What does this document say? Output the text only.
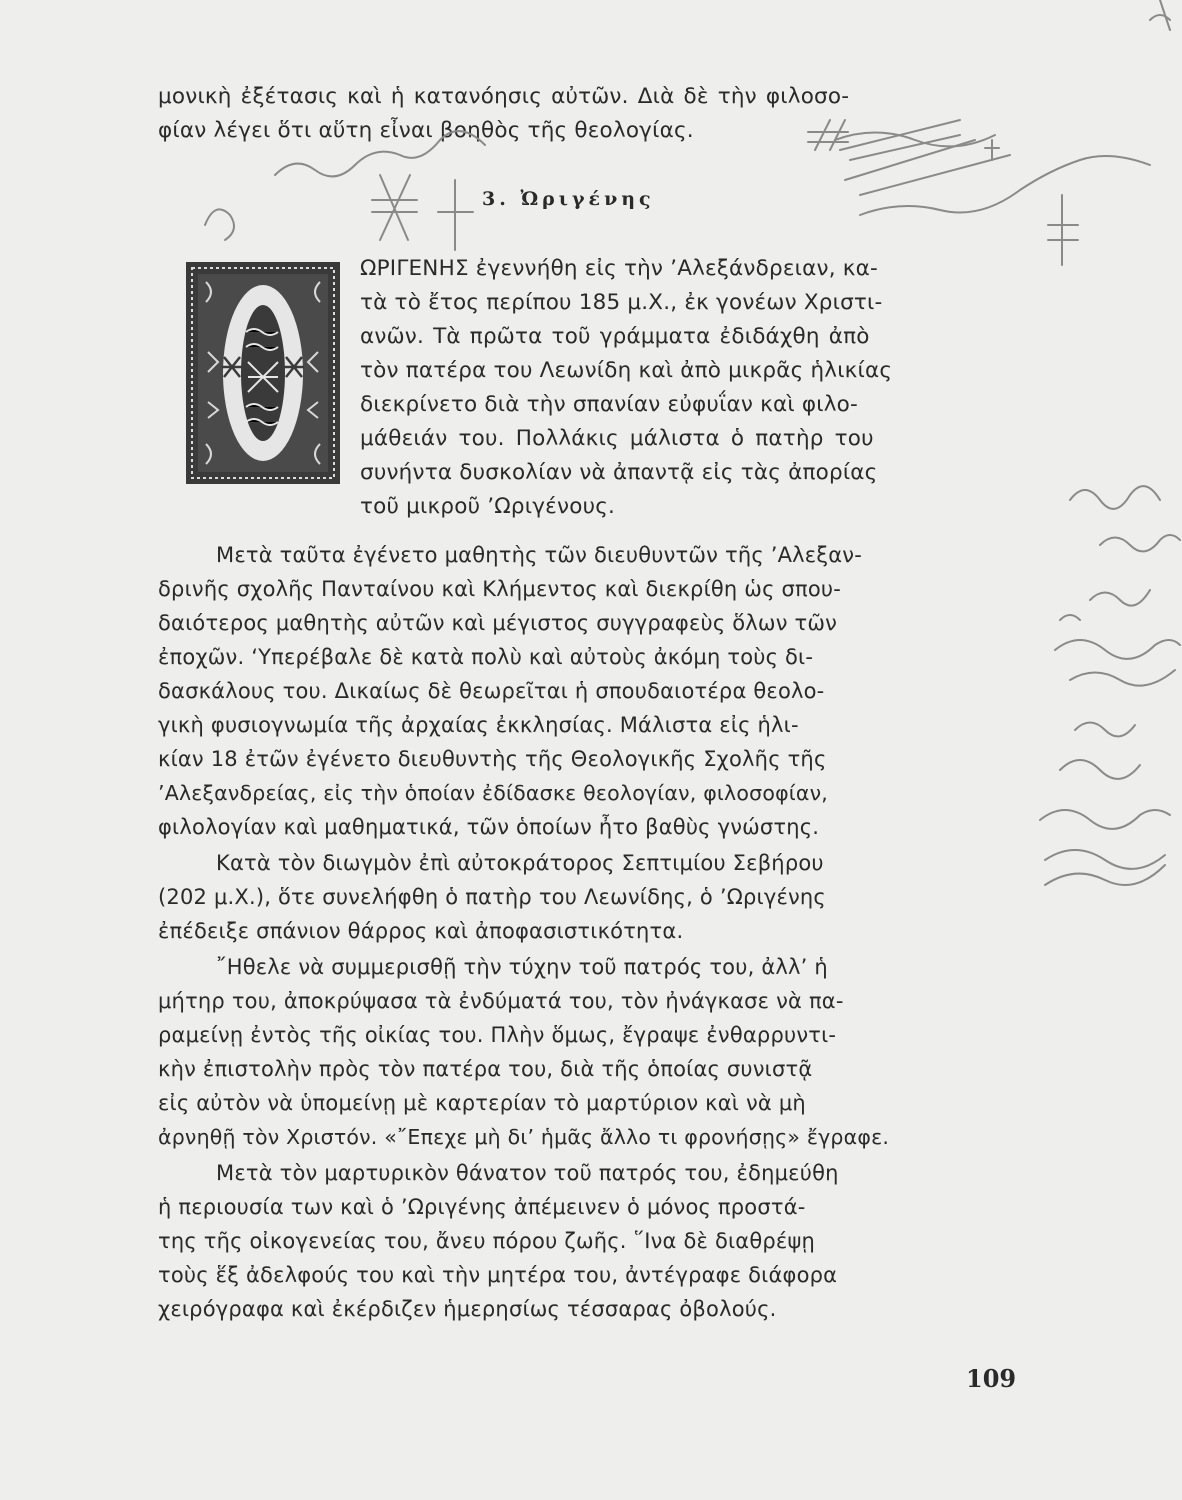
μονικὴ ἐξέτασις καὶ ἡ κατανόησις αὐτῶν. Διὰ δὲ τὴν φιλοσο-
φίαν λέγει ὅτι αὕτη εἶναι βοηθὸς τῆς θεολογίας.
3. Ὠριγένης
ΩΡΙΓΕΝΗΣ ἐγεννήθη εἰς τὴν ’Αλεξάνδρειαν, κα-
τὰ τὸ ἔτος περίπου 185 μ.Χ., ἐκ γονέων Χριστι-
ανῶν. Τὰ πρῶτα τοῦ γράμματα ἐδιδάχθη ἀπὸ
τὸν πατέρα του Λεωνίδη καὶ ἀπὸ μικρᾶς ἡλικίας
διεκρίνετο διὰ τὴν σπανίαν εὐφυΐαν καὶ φιλο-
μάθειάν του. Πολλάκις μάλιστα ὁ πατὴρ του
συνήντα δυσκολίαν νὰ ἀπαντᾷ εἰς τὰς ἀπορίας
τοῦ μικροῦ ’Ωριγένους.
Μετὰ ταῦτα ἐγένετο μαθητὴς τῶν διευθυντῶν τῆς ’Αλεξαν-
δρινῆς σχολῆς Πανταίνου καὶ Κλήμεντος καὶ διεκρίθη ὡς σπου-
δαιότερος μαθητὴς αὐτῶν καὶ μέγιστος συγγραφεὺς ὅλων τῶν
ἐποχῶν. ‘Υπερέβαλε δὲ κατὰ πολὺ καὶ αὐτοὺς ἀκόμη τοὺς δι-
δασκάλους του. Δικαίως δὲ θεωρεῖται ἡ σπουδαιοτέρα θεολο-
γικὴ φυσιογνωμία τῆς ἀρχαίας ἐκκλησίας. Μάλιστα εἰς ἡλι-
κίαν 18 ἐτῶν ἐγένετο διευθυντὴς τῆς Θεολογικῆς Σχολῆς τῆς
’Αλεξανδρείας, εἰς τὴν ὁποίαν ἐδίδασκε θεολογίαν, φιλοσοφίαν,
φιλολογίαν καὶ μαθηματικά, τῶν ὁποίων ἦτο βαθὺς γνώστης.
Κατὰ τὸν διωγμὸν ἐπὶ αὐτοκράτορος Σεπτιμίου Σεβήρου
(202 μ.Χ.), ὅτε συνελήφθη ὁ πατὴρ του Λεωνίδης, ὁ ’Ωριγένης
ἐπέδειξε σπάνιον θάρρος καὶ ἀποφασιστικότητα.
῎Ηθελε νὰ συμμερισθῇ τὴν τύχην τοῦ πατρός του, ἀλλ’ ἡ
μήτηρ του, ἀποκρύψασα τὰ ἐνδύματά του, τὸν ἠνάγκασε νὰ πα-
ραμείνῃ ἐντὸς τῆς οἰκίας του. Πλὴν ὅμως, ἔγραψε ἐνθαρρυντι-
κὴν ἐπιστολὴν πρὸς τὸν πατέρα του, διὰ τῆς ὁποίας συνιστᾷ
εἰς αὐτὸν νὰ ὑπομείνῃ μὲ καρτερίαν τὸ μαρτύριον καὶ νὰ μὴ
ἀρνηθῇ τὸν Χριστόν. «῎Επεχε μὴ δι’ ἡμᾶς ἄλλο τι φρονήσῃς» ἔγραφε.
Μετὰ τὸν μαρτυρικὸν θάνατον τοῦ πατρός του, ἐδημεύθη
ἡ περιουσία των καὶ ὁ ’Ωριγένης ἀπέμεινεν ὁ μόνος προστά-
της τῆς οἰκογενείας του, ἄνευ πόρου ζωῆς. ῞Ινα δὲ διαθρέψῃ
τοὺς ἕξ ἀδελφούς του καὶ τὴν μητέρα του, ἀντέγραφε διάφορα
χειρόγραφα καὶ ἐκέρδιζεν ἡμερησίως τέσσαρας ὀβολούς.
109
